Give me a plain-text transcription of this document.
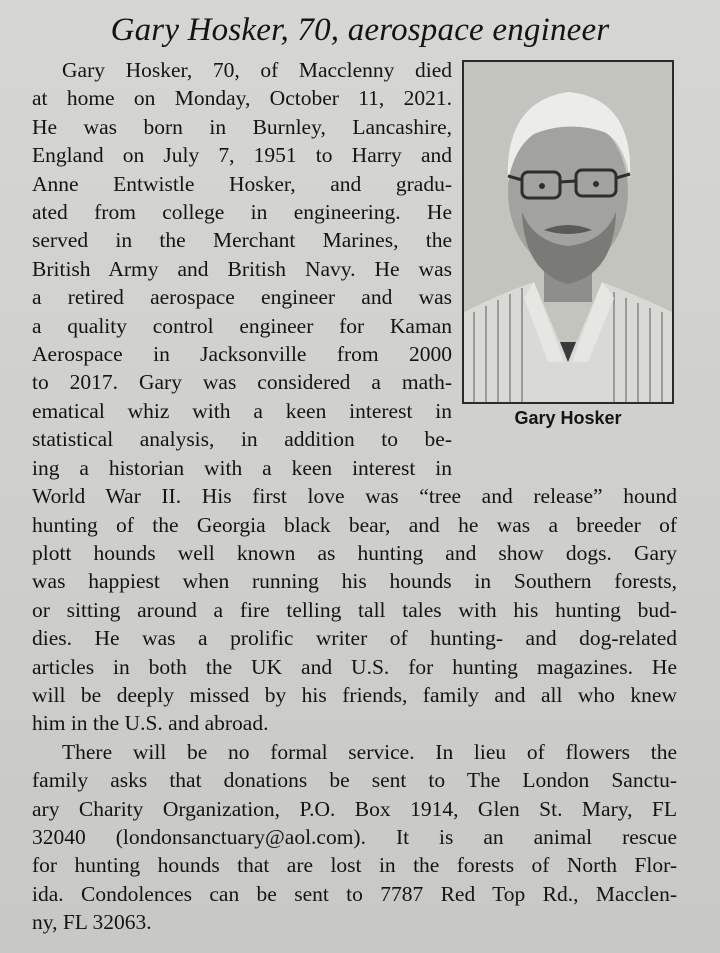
Gary Hosker, 70, aerospace engineer
Gary Hosker
Gary Hosker, 70, of Macclenny died
at home on Monday, October 11, 2021.
He was born in Burnley, Lancashire,
England on July 7, 1951 to Harry and
Anne Entwistle Hosker, and gradu-
ated from college in engineering. He
served in the Merchant Marines, the
British Army and British Navy. He was
a retired aerospace engineer and was
a quality control engineer for Kaman
Aerospace in Jacksonville from 2000
to 2017. Gary was considered a math-
ematical whiz with a keen interest in
statistical analysis, in addition to be-
ing a historian with a keen interest in
World War II. His first love was “tree and release” hound
hunting of the Georgia black bear, and he was a breeder of
plott hounds well known as hunting and show dogs. Gary
was happiest when running his hounds in Southern forests,
or sitting around a fire telling tall tales with his hunting bud-
dies. He was a prolific writer of hunting- and dog-related
articles in both the UK and U.S. for hunting magazines. He
will be deeply missed by his friends, family and all who knew
him in the U.S. and abroad.
There will be no formal service. In lieu of flowers the
family asks that donations be sent to The London Sanctu-
ary Charity Organization, P.O. Box 1914, Glen St. Mary, FL
32040 (londonsanctuary@aol.com). It is an animal rescue
for hunting hounds that are lost in the forests of North Flor-
ida. Condolences can be sent to 7787 Red Top Rd., Macclen-
ny, FL 32063.
